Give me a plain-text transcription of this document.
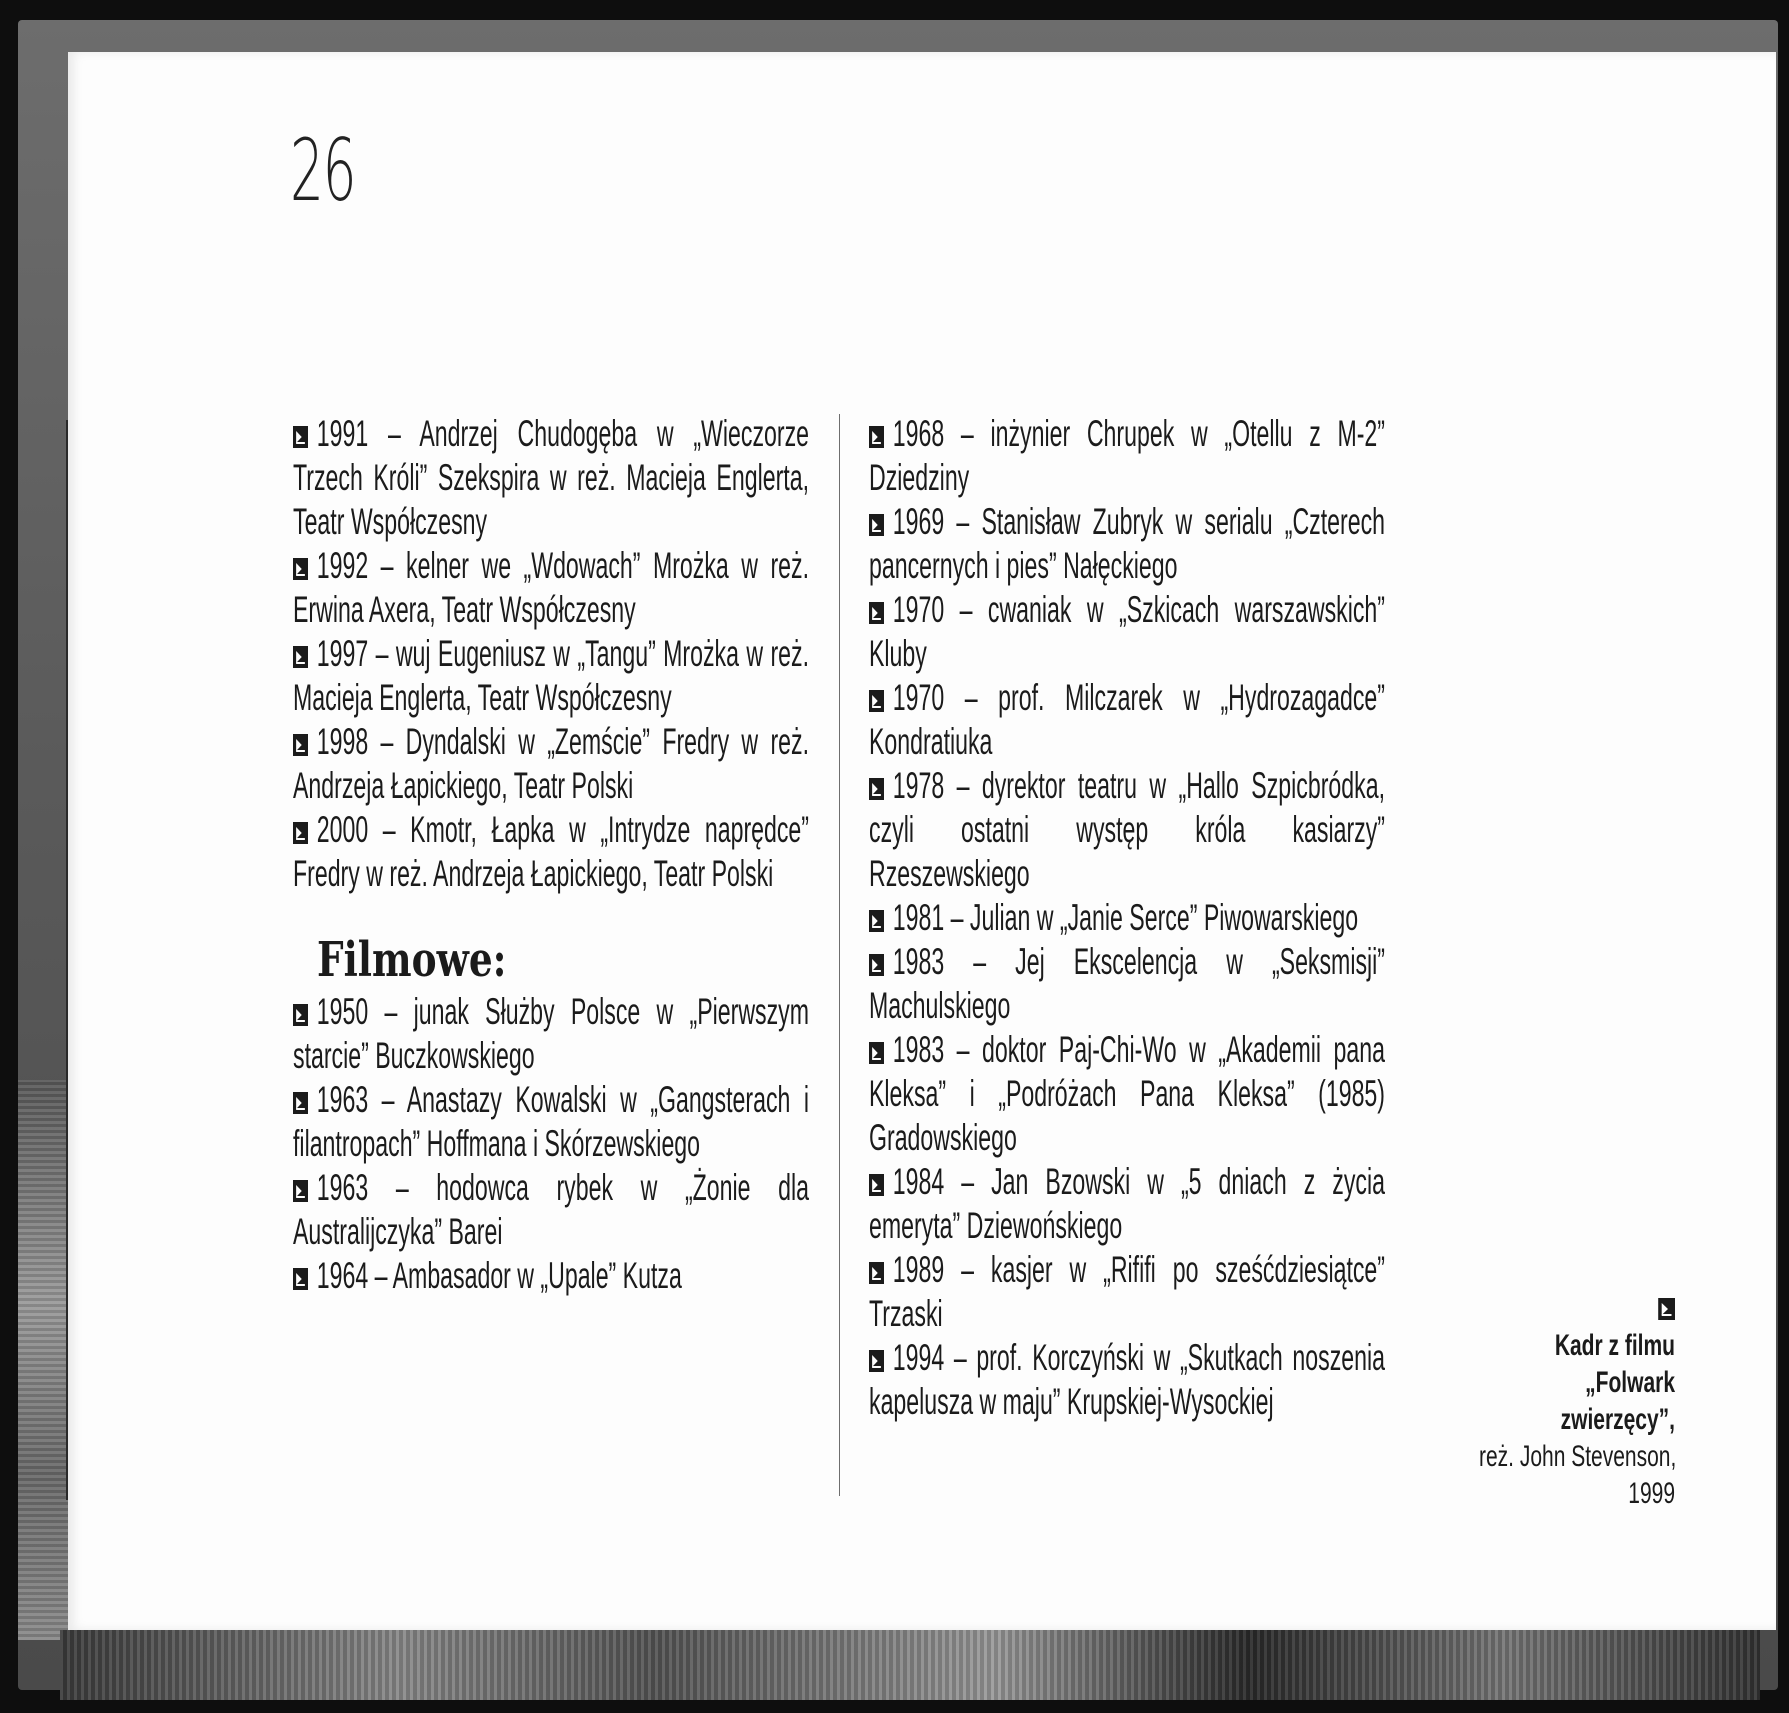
26

1991 – Andrzej Chudogęba w „Wieczorze Trzech Króli” Szekspira w reż. Macieja Englerta, Teatr Współczesny

1992 – kelner we „Wdowach” Mrożka w reż. Erwina Axera, Teatr Współczesny

1997 – wuj Eugeniusz w „Tangu” Mrożka w reż. Macieja Englerta, Teatr Współczesny

1998 – Dyndalski w „Zemście” Fredry w reż. Andrzeja Łapickiego, Teatr Polski

2000 – Kmotr, Łapka w „Intrydze naprędce” Fredry w reż. Andrzeja Łapickiego, Teatr Polski

Filmowe:

1950 – junak Służby Polsce w „Pierwszym starcie” Buczkowskiego

1963 – Anastazy Kowalski w „Gangsterach i filantropach” Hoffmana i Skórzewskiego

1963 – hodowca rybek w „Żonie dla Australijczyka” Barei

1964 – Ambasador w „Upale” Kutza

1968 – inżynier Chrupek w „Otellu z M-2” Dziedziny

1969 – Stanisław Zubryk w serialu „Czterech pancernych i pies” Nałęckiego

1970 – cwaniak w „Szkicach warszawskich” Kluby

1970 – prof. Milczarek w „Hydrozagadce” Kondratiuka

1978 – dyrektor teatru w „Hallo Szpicbródka, czyli ostatni występ króla kasiarzy” Rzeszewskiego

1981 – Julian w „Janie Serce” Piwowarskiego

1983 – Jej Ekscelencja w „Seksmisji” Machulskiego

1983 – doktor Paj-Chi-Wo w „Akademii pana Kleksa” i „Podróżach Pana Kleksa” (1985) Gradowskiego

1984 – Jan Bzowski w „5 dniach z życia emeryta” Dziewońskiego

1989 – kasjer w „Rififi po sześćdziesiątce” Trzaski

1994 – prof. Korczyński w „Skutkach noszenia kapelusza w maju” Krupskiej-Wysockiej

Kadr z filmu
„Folwark
zwierzęcy”,
reż. John Stevenson,
1999
